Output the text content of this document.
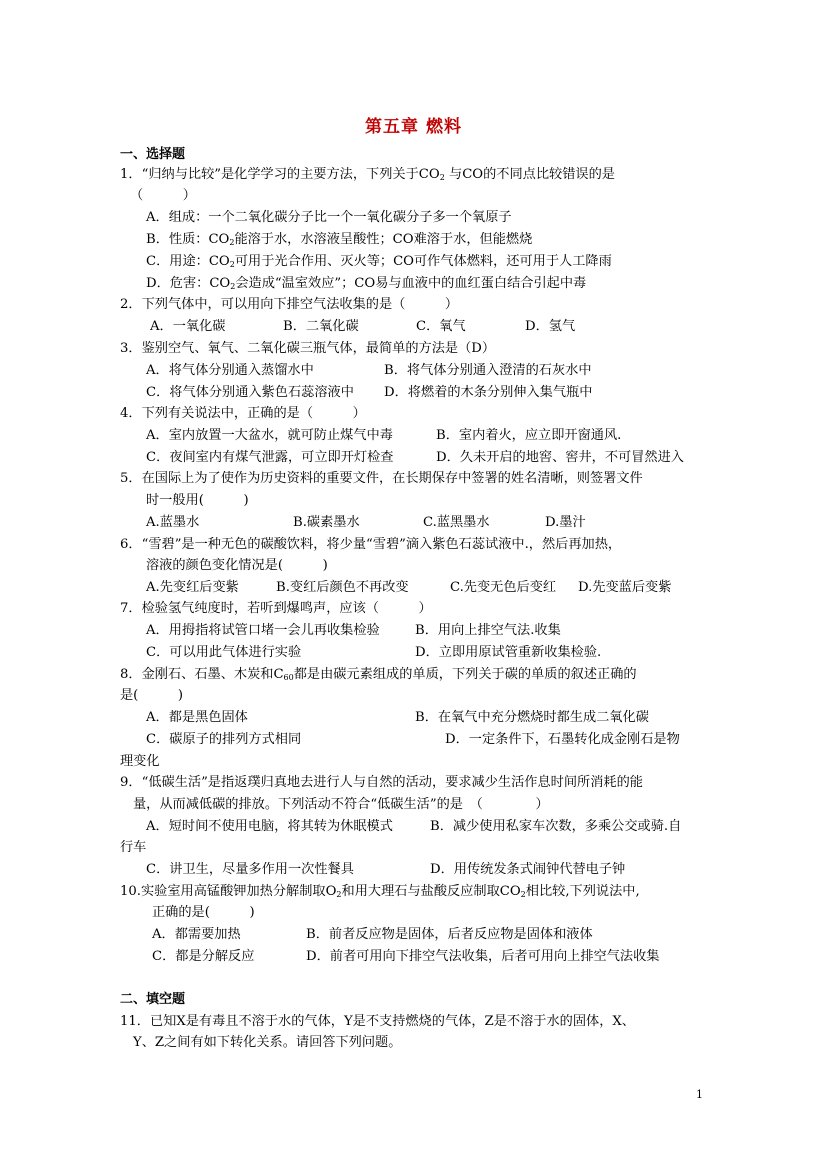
第五章 燃料
一、选择题
1．“归纳与比较”是化学学习的主要方法，下列关于$CO_2$ 与CO的不同点比较错误的是
（　　　）
A．组成：一个二氧化碳分子比一个一氧化碳分子多一个氧原子
B．性质：$CO_2$能溶于水，水溶液呈酸性；CO难溶于水，但能燃烧
C．用途：$CO_2$可用于光合作用、灭火等；CO可作气体燃料，还可用于人工降雨
D．危害：$CO_2$会造成“温室效应”；CO易与血液中的血红蛋白结合引起中毒
2．下列气体中，可以用向下排空气法收集的是（　　　）
A．一氧化碳	B．二氧化碳	C．氧气	D．氢气
3．鉴别空气、氧气、二氧化碳三瓶气体，最简单的方法是（D）
A．将气体分别通入蒸馏水中	B．将气体分别通入澄清的石灰水中
C．将气体分别通入紫色石蕊溶液中 D．将燃着的木条分别伸入集气瓶中
4．下列有关说法中，正确的是（　　　）
A．室内放置一大盆水，就可防止煤气中毒	B．室内着火，应立即开窗通风.
C．夜间室内有煤气泄露，可立即开灯检查	D．久未开启的地窖、窖井，不可冒然进入
5．在国际上为了使作为历史资料的重要文件，在长期保存中签署的姓名清晰，则签署文件
时一般用(　　　)
A.蓝墨水	B.碳素墨水	C.蓝黑墨水	D.墨汁
6．“雪碧”是一种无色的碳酸饮料，将少量“雪碧”滴入紫色石蕊试液中.，然后再加热，
溶液的颜色变化情况是(　　　)
A.先变红后变紫	B.变红后颜色不再改变	C.先变无色后变红 D.先变蓝后变紫
7．检验氢气纯度时，若听到爆鸣声，应该（　　　）
A．用拇指将试管口堵一会儿再收集检验	B．用向上排空气法.收集
C．可以用此气体进行实验	D．立即用原试管重新收集检验.
8．金刚石、石墨、木炭和$C_{60}$都是由碳元素组成的单质，下列关于碳的单质的叙述正确的
是(　　　)
A．都是黑色固体	B．在氧气中充分燃烧时都生成二氧化碳
C．碳原子的排列方式相同	D．一定条件下，石墨转化成金刚石是物
理变化
9．“低碳生活”是指返璞归真地去进行人与自然的活动，要求减少生活作息时间所消耗的能
量，从而减低碳的排放。下列活动不符合“低碳生活”的是　（　　　　）
A．短时间不使用电脑，将其转为休眠模式	B．减少使用私家车次数，多乘公交或骑.自
行车
C．讲卫生，尽量多作用一次性餐具	D．用传统发条式闹钟代替电子钟
10.实验室用高锰酸钾加热分解制取$O_2$和用大理石与盐酸反应制取$CO_2$相比较,下列说法中,
正确的是(　　　)
A．都需要加热	B．前者反应物是固体，后者反应物是固体和液体
C．都是分解反应	D．前者可用向下排空气法收集，后者可用向上排空气法收集
二、填空题
11．已知X是有毒且不溶于水的气体，Y是不支持燃烧的气体，Z是不溶于水的固体，X、
Y、Z之间有如下转化关系。请回答下列问题。
1
